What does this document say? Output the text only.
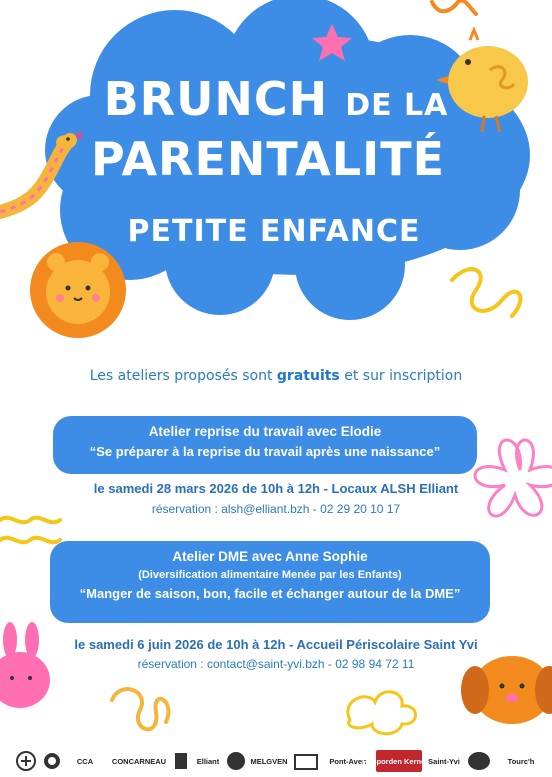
BRUNCH DE LA
PARENTALITÉ
PETITE ENFANCE
Les ateliers proposés sont gratuits et sur inscription
Atelier reprise du travail avec Elodie
“Se préparer à la reprise du travail après une naissance”
le samedi 28 mars 2026 de 10h à 12h - Locaux ALSH Elliant
réservation : alsh@elliant.bzh - 02 29 20 10 17
Atelier DME avec Anne Sophie
(Diversification alimentaire Menée par les Enfants)
“Manger de saison, bon, facile et échanger autour de la DME”
le samedi 6 juin 2026 de 10h à 12h - Accueil Périscolaire Saint Yvi
réservation : contact@saint-yvi.bzh - 02 98 94 72 11
CCA	CONCARNEAU	Elliant	MELGVEN	Pont-Aven
Rosporden Kernével
Saint-Yvi	Tourc'h
